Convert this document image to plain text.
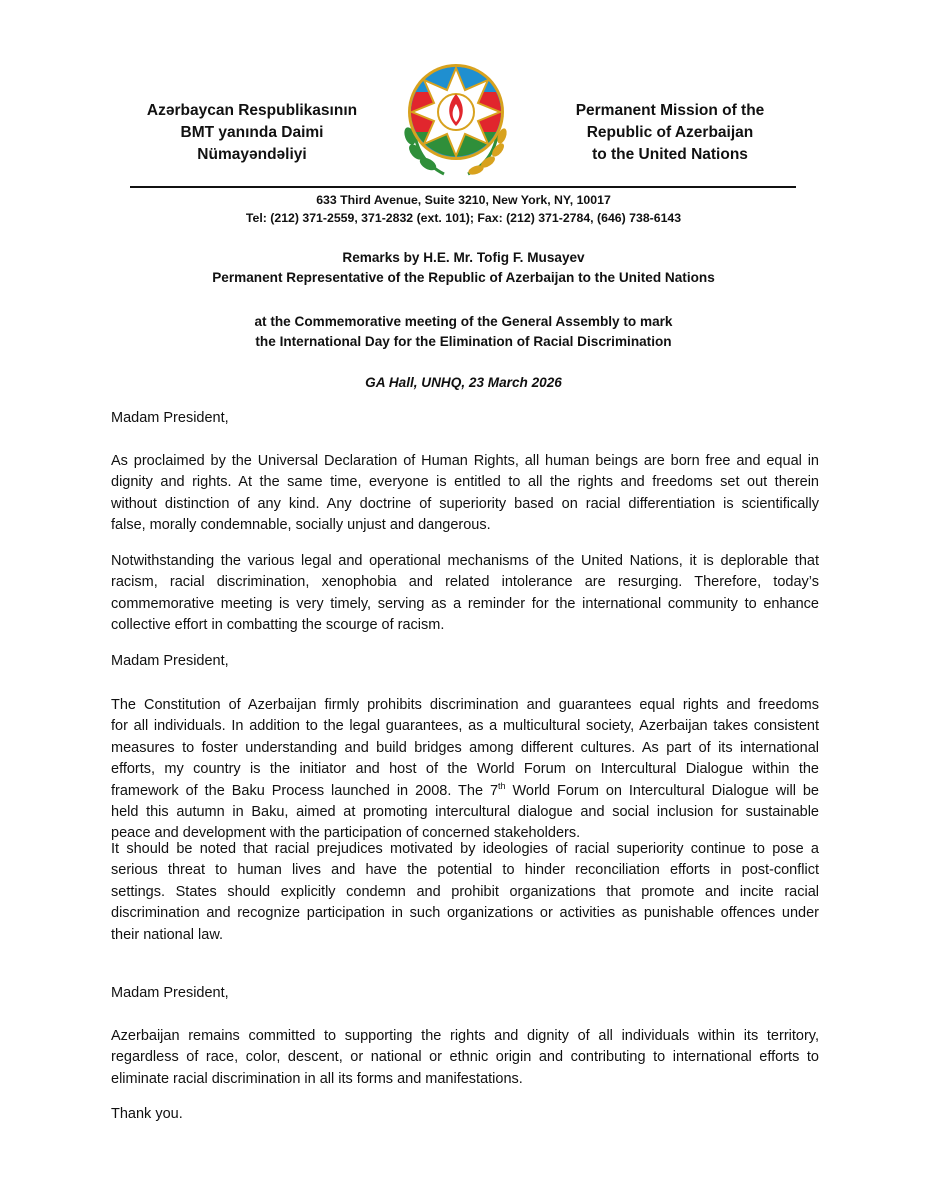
Azərbaycan Respublikasının
BMT yanında Daimi
Nümayəndəliyi
Permanent Mission of the
Republic of Azerbaijan
to the United Nations
633 Third Avenue, Suite 3210, New York, NY, 10017
Tel: (212) 371-2559, 371-2832 (ext. 101); Fax: (212) 371-2784, (646) 738-6143
Remarks by H.E. Mr. Tofig F. Musayev
Permanent Representative of the Republic of Azerbaijan to the United Nations
at the Commemorative meeting of the General Assembly to mark
the International Day for the Elimination of Racial Discrimination
GA Hall, UNHQ, 23 March 2026
Madam President,
As proclaimed by the Universal Declaration of Human Rights, all human beings are born free and equal in
dignity and rights. At the same time, everyone is entitled to all the rights and freedoms set out therein
without distinction of any kind. Any doctrine of superiority based on racial differentiation is scientifically
false, morally condemnable, socially unjust and dangerous.
Notwithstanding the various legal and operational mechanisms of the United Nations, it is deplorable that
racism, racial discrimination, xenophobia and related intolerance are resurging. Therefore, today’s
commemorative meeting is very timely, serving as a reminder for the international community to enhance
collective effort in combatting the scourge of racism.
Madam President,
The Constitution of Azerbaijan firmly prohibits discrimination and guarantees equal rights and freedoms
for all individuals. In addition to the legal guarantees, as a multicultural society, Azerbaijan takes consistent
measures to foster understanding and build bridges among different cultures. As part of its international
efforts, my country is the initiator and host of the World Forum on Intercultural Dialogue within the
framework of the Baku Process launched in 2008. The 7th World Forum on Intercultural Dialogue will be
held this autumn in Baku, aimed at promoting intercultural dialogue and social inclusion for sustainable
peace and development with the participation of concerned stakeholders.
It should be noted that racial prejudices motivated by ideologies of racial superiority continue to pose a
serious threat to human lives and have the potential to hinder reconciliation efforts in post-conflict
settings. States should explicitly condemn and prohibit organizations that promote and incite racial
discrimination and recognize participation in such organizations or activities as punishable offences under
their national law.
Madam President,
Azerbaijan remains committed to supporting the rights and dignity of all individuals within its territory,
regardless of race, color, descent, or national or ethnic origin and contributing to international efforts to
eliminate racial discrimination in all its forms and manifestations.
Thank you.
